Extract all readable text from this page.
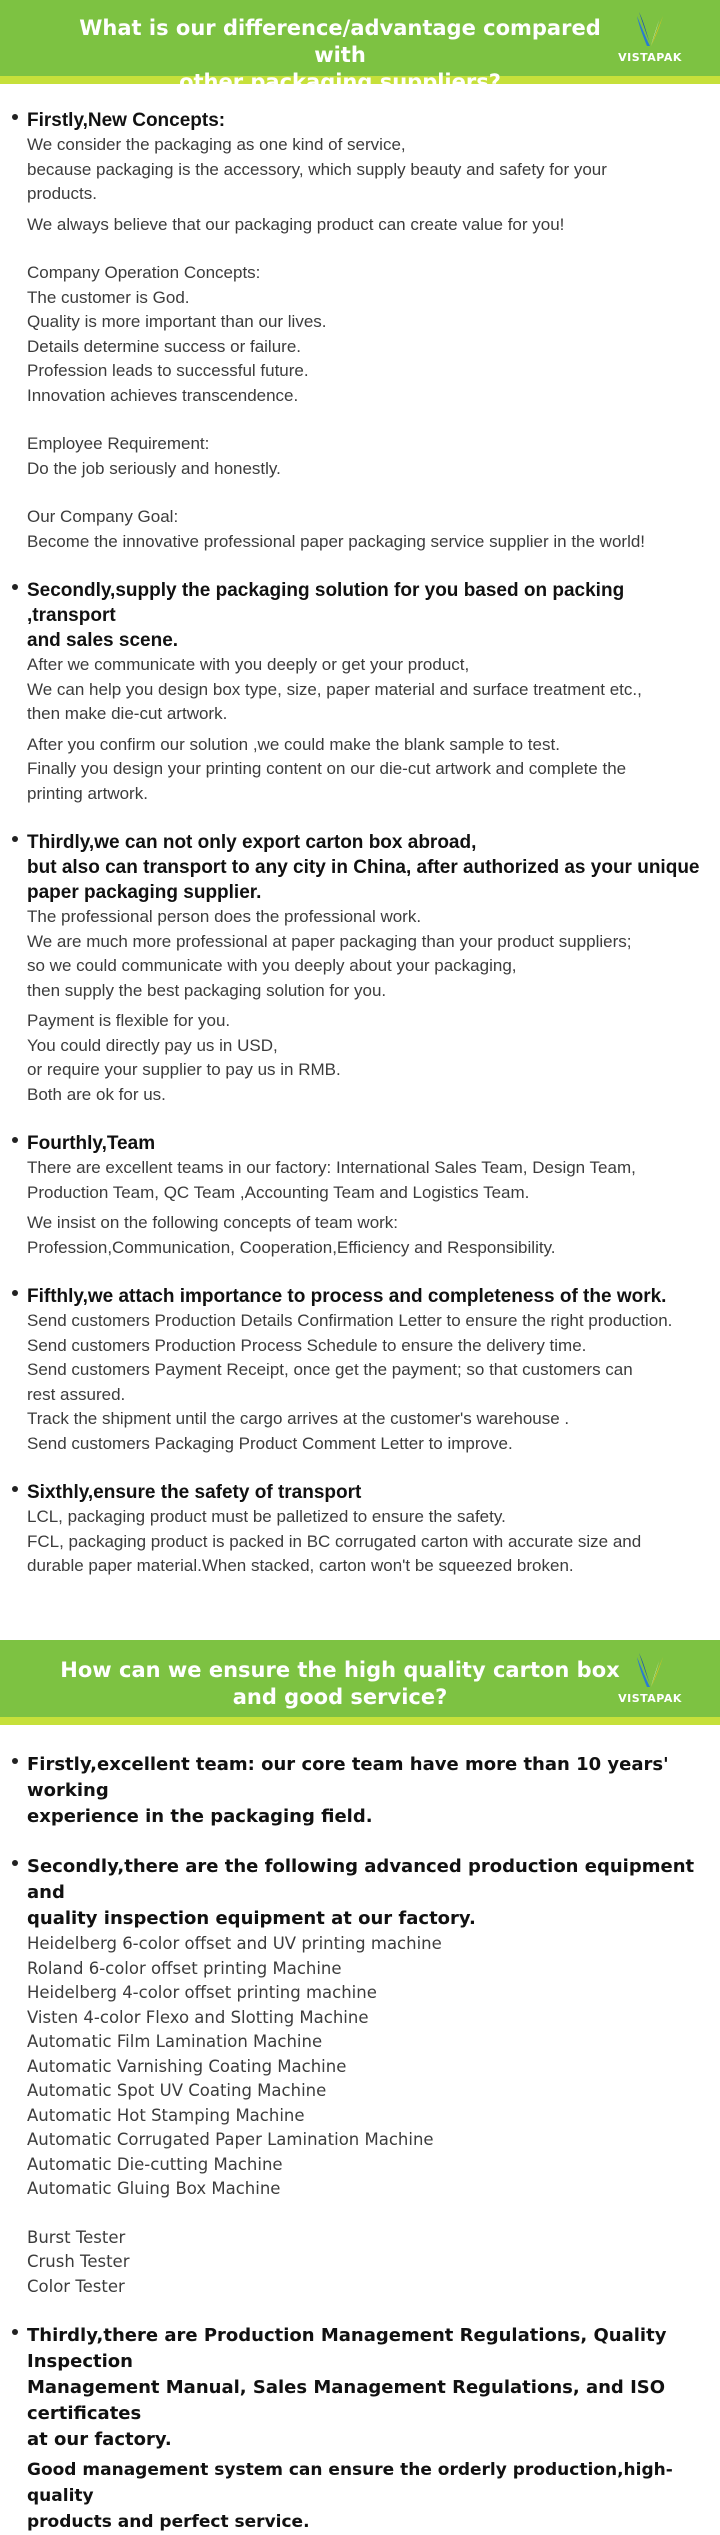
What is our difference/advantage compared with
other packaging suppliers?
VISTAPAK
Firstly,New Concepts:
We consider the packaging as one kind of service,
because packaging is the accessory, which supply beauty and safety for your
products.
We always believe that our packaging product can create value for you!
Company Operation Concepts:
The customer is God.
Quality is more important than our lives.
Details determine success or failure.
Profession leads to successful future.
Innovation achieves transcendence.
Employee Requirement:
Do the job seriously and honestly.
Our Company Goal:
Become the innovative professional paper packaging service supplier in the world!
Secondly,supply the packaging solution for you based on packing ,transport
and sales scene.
After we communicate with you deeply or get your product,
We can help you design box type, size, paper material and surface treatment etc.,
then make die-cut artwork.
After you confirm our solution ,we could make the blank sample to test.
Finally you design your printing content on our die-cut artwork and complete the
printing artwork.
Thirdly,we can not only export carton box abroad,
but also can transport to any city in China, after authorized as your unique
paper packaging supplier.
The professional person does the professional work.
We are much more professional at paper packaging than your product suppliers;
so we could communicate with you deeply about your packaging,
then supply the best packaging solution for you.
Payment is flexible for you.
You could directly pay us in USD,
or require your supplier to pay us in RMB.
Both are ok for us.
Fourthly,Team
There are excellent teams in our factory: International Sales Team, Design Team,
Production Team, QC Team ,Accounting Team and Logistics Team.
We insist on the following concepts of team work:
Profession,Communication, Cooperation,Efficiency and Responsibility.
Fifthly,we attach importance to process and completeness of the work.
Send customers Production Details Confirmation Letter to ensure the right production.
Send customers Production Process Schedule to ensure the delivery time.
Send customers Payment Receipt, once get the payment; so that customers can
rest assured.
Track the shipment until the cargo arrives at the customer's warehouse .
Send customers Packaging Product Comment Letter to improve.
Sixthly,ensure the safety of transport
LCL, packaging product must be palletized to ensure the safety.
FCL, packaging product is packed in BC corrugated carton with accurate size and
durable paper material.When stacked, carton won't be squeezed broken.
How can we ensure the high quality carton box
and good service?	VISTAPAK
Firstly,excellent team: our core team have more than 10 years' working
experience in the packaging field.
Secondly,there are the following advanced production equipment and
quality inspection equipment at our factory.
Heidelberg 6-color offset and UV printing machine
Roland 6-color offset printing Machine
Heidelberg 4-color offset printing machine
Visten 4-color Flexo and Slotting Machine
Automatic Film Lamination Machine
Automatic Varnishing Coating Machine
Automatic Spot UV Coating Machine
Automatic Hot Stamping Machine
Automatic Corrugated Paper Lamination Machine
Automatic Die-cutting Machine
Automatic Gluing Box Machine
Burst Tester
Crush Tester
Color Tester
Thirdly,there are Production Management Regulations, Quality Inspection
Management Manual, Sales Management Regulations, and ISO certificates
at our factory.
Good management system can ensure the orderly production,high-quality
products and perfect service.
